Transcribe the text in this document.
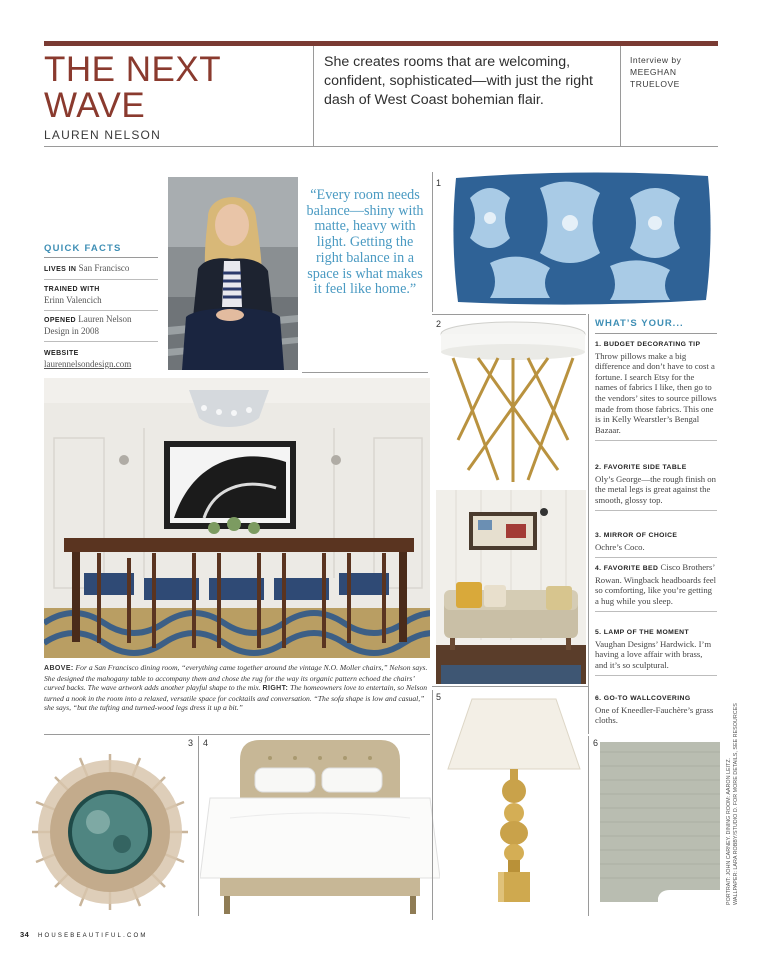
THE NEXT
WAVE
LAUREN NELSON
She creates rooms that are welcoming, confident, sophisticated—with just the right dash of West Coast bohemian flair.
Interview by
MEEGHAN
TRUELOVE
QUICK FACTS
LIVES IN San Francisco
TRAINED WITH
Erinn Valencich
OPENED Lauren Nelson Design in 2008
WEBSITE
laurennelsondesign.com
“Every room needs balance—shiny with matte, heavy with light. Getting the right balance in a space is what makes it feel like home.”
ABOVE: For a San Francisco dining room, “everything came together around the vintage N.O. Moller chairs,” Nelson says. She designed the mahogany table to accompany them and chose the rug for the way its organic pattern echoed the chairs’ curved backs. The wave artwork adds another playful shape to the mix. RIGHT: The homeowners love to entertain, so Nelson turned a nook in the room into a relaxed, versatile space for cocktails and conversation. “The sofa shape is low and casual,” she says, “but the tufting and turned-wood legs dress it up a bit.”
1
2	WHAT’S YOUR...
1. BUDGET DECORATING TIP
Throw pillows make a big difference and don’t have to cost a fortune. I search Etsy for the names of fabrics I like, then go to the vendors’ sites to source pillows made from those fabrics. This one is in Kelly Wearstler’s Bengal Bazaar.
2. FAVORITE SIDE TABLE
Oly’s George—the rough finish on the metal legs is great against the smooth, glossy top.
3. MIRROR OF CHOICE
Ochre’s Coco.
4. FAVORITE BED Cisco Brothers’ Rowan. Wingback headboards feel so comforting, like you’re getting a hug while you sleep.
5. LAMP OF THE MOMENT
Vaughan Designs’ Hardwick. I’m having a love affair with brass, and it’s so sculptural.
6. GO-TO WALLCOVERING
One of Kneedler-Fauchère’s grass cloths.
3 4
5
6
PORTRAIT: JOHN CARNEY. DINING ROOM: AARON LEITZ. WALLPAPER: LARA ROBBY/STUDIO D. FOR MORE DETAILS, SEE RESOURCES
34 HOUSEBEAUTIFUL.COM
